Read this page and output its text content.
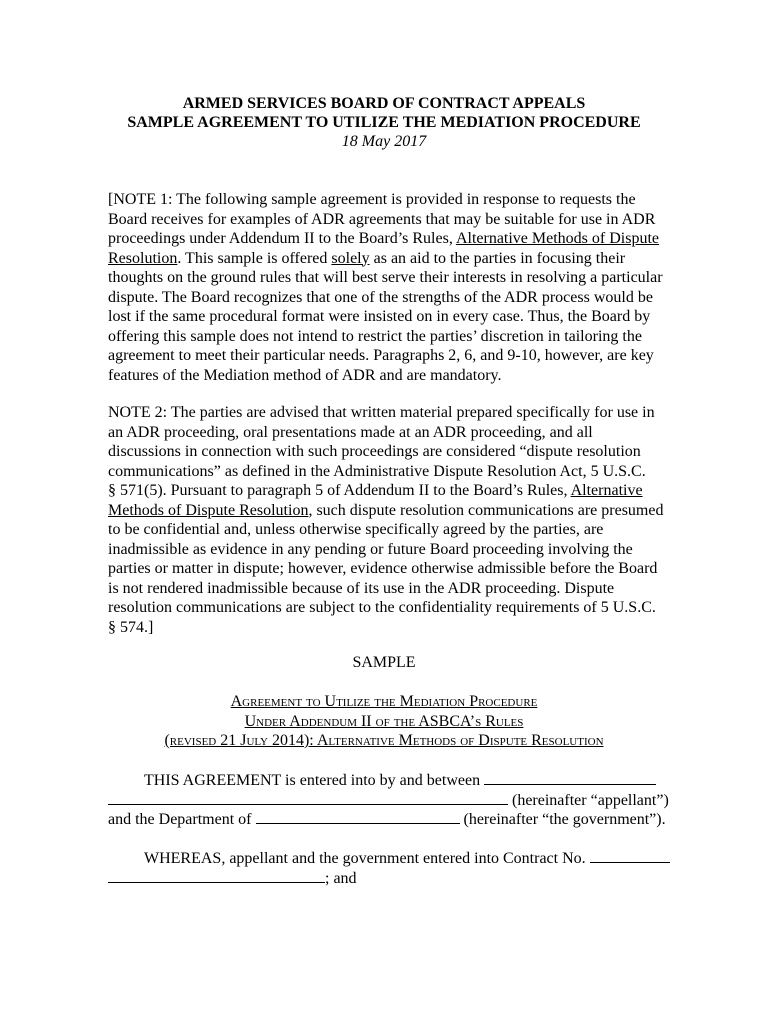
ARMED SERVICES BOARD OF CONTRACT APPEALS
SAMPLE AGREEMENT TO UTILIZE THE MEDIATION PROCEDURE
18 May 2017
[NOTE 1: The following sample agreement is provided in response to requests the
Board receives for examples of ADR agreements that may be suitable for use in ADR
proceedings under Addendum II to the Board’s Rules, Alternative Methods of Dispute
Resolution. This sample is offered solely as an aid to the parties in focusing their
thoughts on the ground rules that will best serve their interests in resolving a particular
dispute. The Board recognizes that one of the strengths of the ADR process would be
lost if the same procedural format were insisted on in every case. Thus, the Board by
offering this sample does not intend to restrict the parties’ discretion in tailoring the
agreement to meet their particular needs. Paragraphs 2, 6, and 9-10, however, are key
features of the Mediation method of ADR and are mandatory.
NOTE 2: The parties are advised that written material prepared specifically for use in
an ADR proceeding, oral presentations made at an ADR proceeding, and all
discussions in connection with such proceedings are considered “dispute resolution
communications” as defined in the Administrative Dispute Resolution Act, 5 U.S.C.
§ 571(5). Pursuant to paragraph 5 of Addendum II to the Board’s Rules, Alternative
Methods of Dispute Resolution, such dispute resolution communications are presumed
to be confidential and, unless otherwise specifically agreed by the parties, are
inadmissible as evidence in any pending or future Board proceeding involving the
parties or matter in dispute; however, evidence otherwise admissible before the Board
is not rendered inadmissible because of its use in the ADR proceeding. Dispute
resolution communications are subject to the confidentiality requirements of 5 U.S.C.
§ 574.]
SAMPLE
Agreement to Utilize the Mediation Procedure
Under Addendum II of the ASBCA’s Rules
(revised 21 July 2014): Alternative Methods of Dispute Resolution
THIS AGREEMENT is entered into by and between
(hereinafter “appellant”)
and the Department of	(hereinafter “the government”).
WHEREAS, appellant and the government entered into Contract No.
; and
